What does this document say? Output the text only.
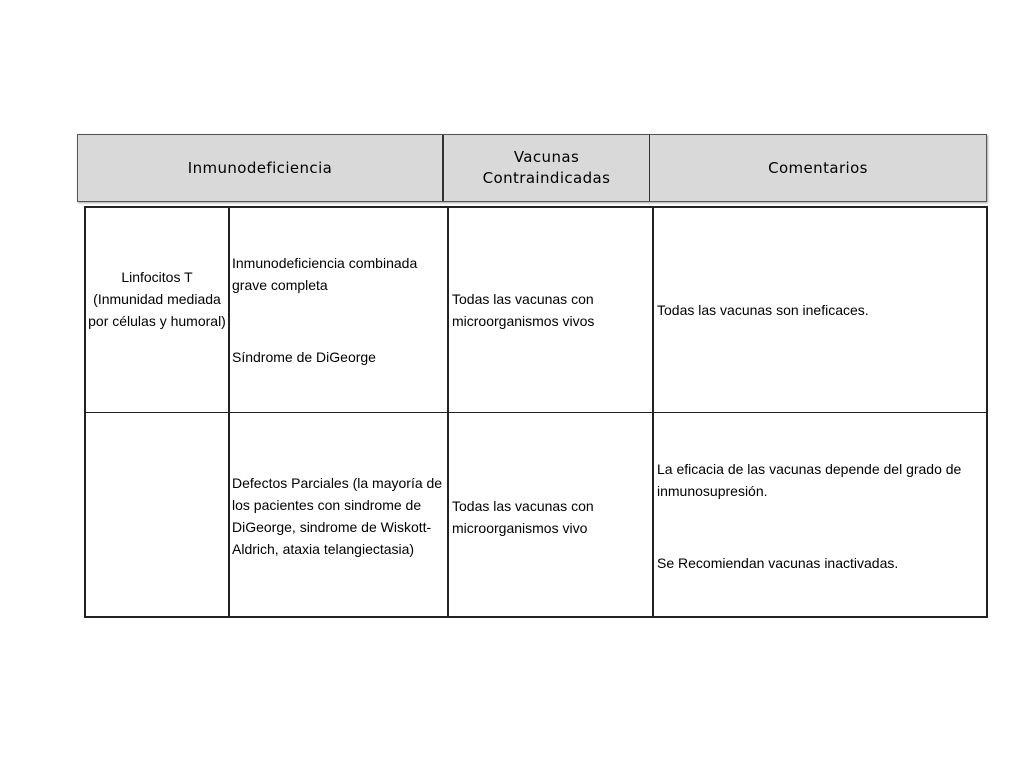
Inmunodeficiencia
Vacunas Contraindicadas
Comentarios
Linfocitos T (Inmunidad mediada por células y humoral)
Inmunodeficiencia combinada grave completa
Síndrome de DiGeorge
Todas las vacunas con microorganismos vivos
Todas las vacunas son ineficaces.
Defectos Parciales (la mayoría de los pacientes con sindrome de DiGeorge, sindrome de Wiskott-Aldrich, ataxia telangiectasia)
Todas las vacunas con microorganismos vivo
La eficacia de las vacunas depende del grado de inmunosupresión.
Se Recomiendan vacunas inactivadas.
